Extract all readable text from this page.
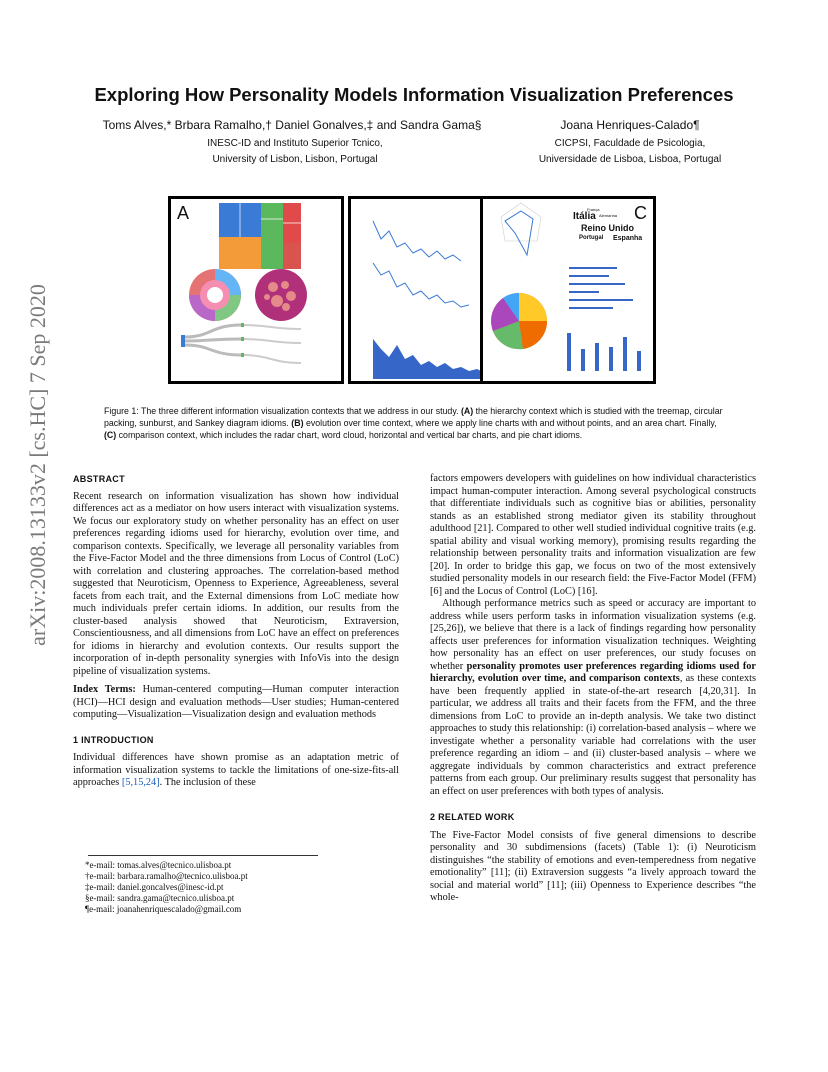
arXiv:2008.13133v2 [cs.HC] 7 Sep 2020
Exploring How Personality Models Information Visualization Preferences
Toms Alves,* Brbara Ramalho,† Daniel Gonalves,‡ and Sandra Gama§
INESC-ID and Instituto Superior Tcnico,
University of Lisbon, Lisbon, Portugal
Joana Henriques-Calado¶
CICPSI, Faculdade de Psicologia,
Universidade de Lisboa, Lisboa, Portugal
A	C
Itália Alemanha
França
Reino Unido
Portugal Espanha
Figure 1: The three different information visualization contexts that we address in our study. (A) the hierarchy context which is studied with the treemap, circular packing, sunburst, and Sankey diagram idioms. (B) evolution over time context, where we apply line charts with and without points, and an area chart. Finally, (C) comparison context, which includes the radar chart, word cloud, horizontal and vertical bar charts, and pie chart idioms.
ABSTRACT
Recent research on information visualization has shown how individual differences act as a mediator on how users interact with visualization systems. We focus our exploratory study on whether personality has an effect on user preferences regarding idioms used for hierarchy, evolution over time, and comparison contexts. Specifically, we leverage all personality variables from the Five-Factor Model and the three dimensions from Locus of Control (LoC) with correlation and clustering approaches. The correlation-based method suggested that Neuroticism, Openness to Experience, Agreeableness, several facets from each trait, and the External dimensions from LoC mediate how much individuals prefer certain idioms. In addition, our results from the cluster-based analysis showed that Neuroticism, Extraversion, Conscientiousness, and all dimensions from LoC have an effect on preferences for idioms in hierarchy and evolution contexts. Our results support the incorporation of in-depth personality synergies with InfoVis into the design pipeline of visualization systems.
Index Terms: Human-centered computing—Human computer interaction (HCI)—HCI design and evaluation methods—User studies; Human-centered computing—Visualization—Visualization design and evaluation methods
1 INTRODUCTION
Individual differences have shown promise as an adaptation metric of information visualization systems to tackle the limitations of one-size-fits-all approaches [5,15,24]. The inclusion of these
*e-mail: tomas.alves@tecnico.ulisboa.pt
†e-mail: barbara.ramalho@tecnico.ulisboa.pt
‡e-mail: daniel.goncalves@inesc-id.pt
§e-mail: sandra.gama@tecnico.ulisboa.pt
¶e-mail: joanahenriquescalado@gmail.com
factors empowers developers with guidelines on how individual characteristics impact human-computer interaction. Among several psychological constructs that differentiate individuals such as cognitive bias or abilities, personality stands as an established strong mediator given its stability throughout adulthood [21]. Compared to other well studied individual cognitive traits (e.g. spatial ability and visual working memory), promising results regarding the relationship between personality traits and information visualization are few [20]. In order to bridge this gap, we focus on two of the most extensively studied personality models in our research field: the Five-Factor Model (FFM) [6] and the Locus of Control (LoC) [16].
Although performance metrics such as speed or accuracy are important to address while users perform tasks in information visualization systems (e.g. [25,26]), we believe that there is a lack of findings regarding how personality affects user preferences for information visualization techniques. Weighting how personality has an effect on user preferences, our study focuses on whether personality promotes user preferences regarding idioms used for hierarchy, evolution over time, and comparison contexts, as these contexts have been frequently applied in state-of-the-art research [4,20,31]. In particular, we address all traits and their facets from the FFM, and the three dimensions from LoC to provide an in-depth analysis. We take two distinct approaches to study this relationship: (i) correlation-based analysis – where we investigate whether a personality variable had correlations with the user preference regarding an idiom – and (ii) cluster-based analysis – where we aggregate individuals by common characteristics and extract preference patterns from each group. Our preliminary results suggest that personality has an effect on user preferences with both types of analysis.
2 RELATED WORK
The Five-Factor Model consists of five general dimensions to describe personality and 30 subdimensions (facets) (Table 1): (i) Neuroticism distinguishes “the stability of emotions and even-temperedness from negative emotionality” [11]; (ii) Extraversion suggests “a lively approach toward the social and material world” [11]; (iii) Openness to Experience describes “the whole-
